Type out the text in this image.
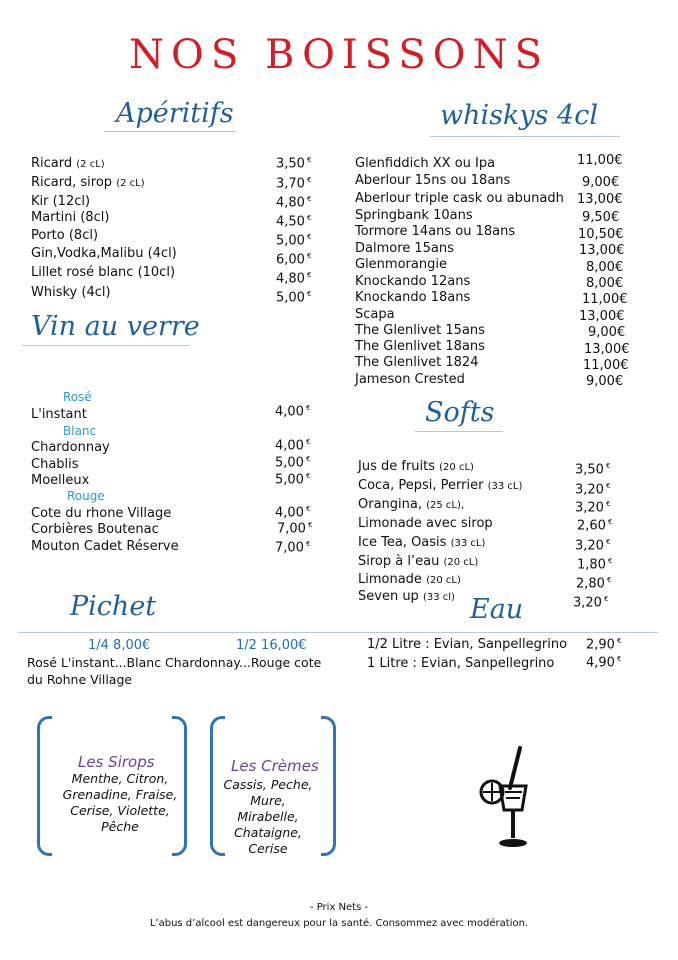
NOS BOISSONS
Apéritifs
Ricard (2 cL)
Ricard, sirop (2 cL)
Kir (12cl)
Martini (8cl)
Porto (8cl)
Gin,Vodka,Malibu (4cl)
Lillet rosé blanc (10cl)
Whisky (4cl)
3,50 €
3,70 €
4,80 €
4,50 €
5,00 €
6,00 €
4,80 €
5,00 €
Vin au verre
Rosé
L'instant
Blanc
Chardonnay
Chablis
Moelleux
Rouge
Cote du rhone Village
Corbières Boutenac
Mouton Cadet Réserve
4,00 €
4,00 €
5,00 €
5,00 €
4,00 €
7,00 €
7,00 €
Pichet
1/4 8,00€	1/2 16,00€
Rosé L'instant...Blanc Chardonnay...Rouge cote
du Rohne Village
whiskys 4cl
Glenfiddich XX ou Ipa
Aberlour 15ns ou 18ans
Aberlour triple cask ou abunadh
Springbank 10ans
Tormore 14ans ou 18ans
Dalmore 15ans
Glenmorangie
Knockando 12ans
Knockando 18ans
Scapa
The Glenlivet 15ans
The Glenlivet 18ans
The Glenlivet 1824
Jameson Crested
11,00€
9,00€
13,00€
9,50€
10,50€
13,00€
8,00€
8,00€
11,00€
13,00€
9,00€
13,00€
11,00€
9,00€
Softs
Jus de fruits (20 cL)
Coca, Pepsi, Perrier (33 cL)
Orangina, (25 cL),
Limonade avec sirop
Ice Tea, Oasis (33 cL)
Sirop à l’eau (20 cL)
Limonade (20 cL)
Seven up (33 cl)
3,50 €
3,20 €
3,20 €
2,60 €
3,20 €
1,80 €
2,80 €
3,20 €
Eau
1/2 Litre : Evian, Sanpellegrino
1 Litre : Evian, Sanpellegrino
2,90 €
4,90 €
Les Sirops
Menthe, Citron,
Grenadine, Fraise,
Cerise, Violette,
Pêche
Les Crèmes
Cassis, Peche,
Mure,
Mirabelle,
Chataigne,
Cerise
- Prix Nets -
L’abus d’alcool est dangereux pour la santé. Consommez avec modération.
